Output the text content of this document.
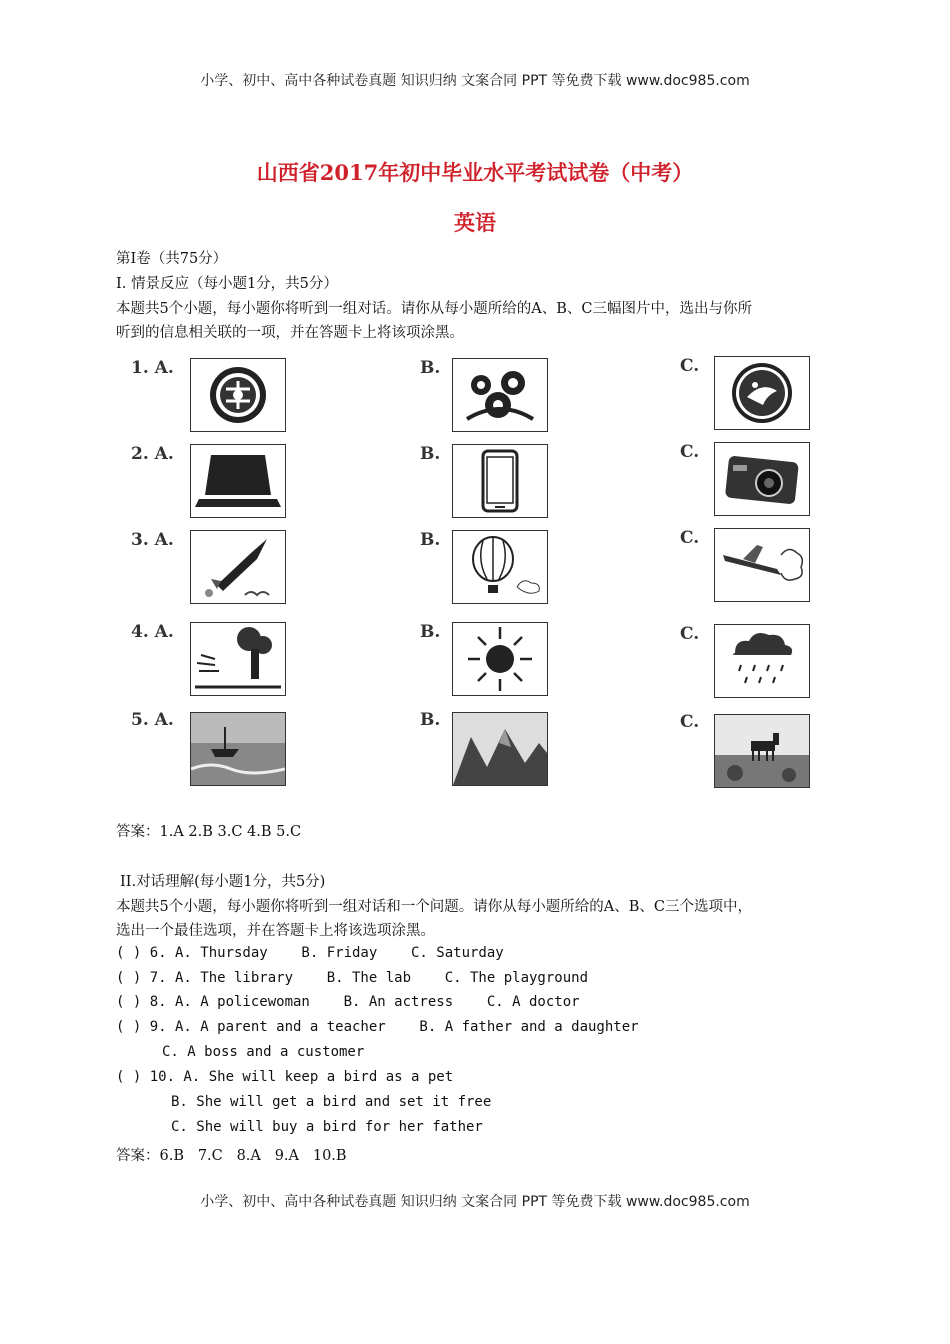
小学、初中、高中各种试卷真题 知识归纳 文案合同 PPT 等免费下载 www.doc985.com
山西省2017年初中毕业水平考试试卷（中考）
英语
第I卷（共75分）
I. 情景反应（每小题1分，共5分）
本题共5个小题，每小题你将听到一组对话。请你从每小题所给的A、B、C三幅图片中，选出与你所
听到的信息相关联的一项，并在答题卡上将该项涂黑。
1. A.	B.	C.
2. A.	B.	C.
3. A.	B.	C.
4. A.	B.	C.
5. A.	B.	C.
答案：1.A 2.B 3.C 4.B 5.C
II.对话理解(每小题1分，共5分)
本题共5个小题，每小题你将听到一组对话和一个问题。请你从每小题所给的A、B、C三个选项中，
选出一个最佳选项，并在答题卡上将该选项涂黑。
( ) 6. A. Thursday    B. Friday    C. Saturday
( ) 7. A. The library    B. The lab    C. The playground
( ) 8. A. A policewoman    B. An actress    C. A doctor
( ) 9. A. A parent and a teacher    B. A father and a daughter
C. A boss and a customer
( ) 10. A. She will keep a bird as a pet
B. She will get a bird and set it free
C. She will buy a bird for her father
答案：6.B   7.C   8.A   9.A   10.B
小学、初中、高中各种试卷真题 知识归纳 文案合同 PPT 等免费下载 www.doc985.com
